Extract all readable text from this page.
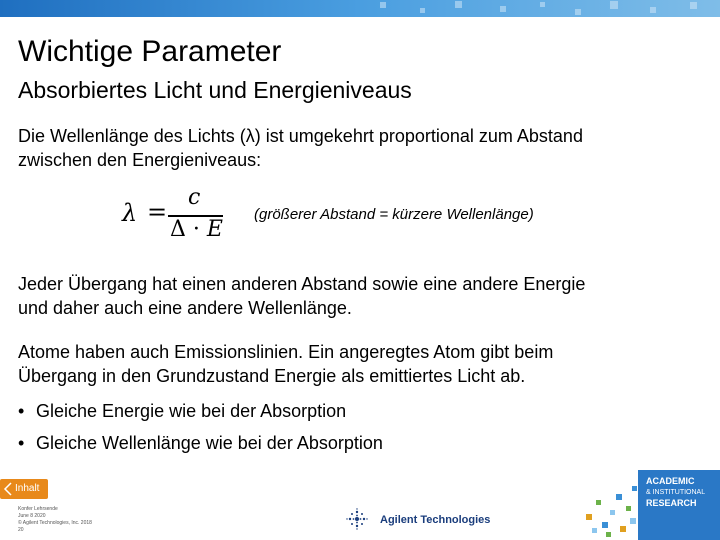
Wichtige Parameter
Absorbiertes Licht und Energieniveaus
Die Wellenlänge des Lichts (λ) ist umgekehrt proportional zum Abstand
zwischen den Energieniveaus:
λ =
c
Δ · E
(größerer Abstand = kürzere Wellenlänge)
Jeder Übergang hat einen anderen Abstand sowie eine andere Energie
und daher auch eine andere Wellenlänge.
Atome haben auch Emissionslinien. Ein angeregtes Atom gibt beim
Übergang in den Grundzustand Energie als emittiertes Licht ab.
• Gleiche Energie wie bei der Absorption
• Gleiche Wellenlänge wie bei der Absorption
Inhalt
Konfer Lehrsende
June 8 2020
© Agilent Technologies, Inc. 2018
20
Agilent Technologies
ACADEMIC
& INSTITUTIONAL
RESEARCH
